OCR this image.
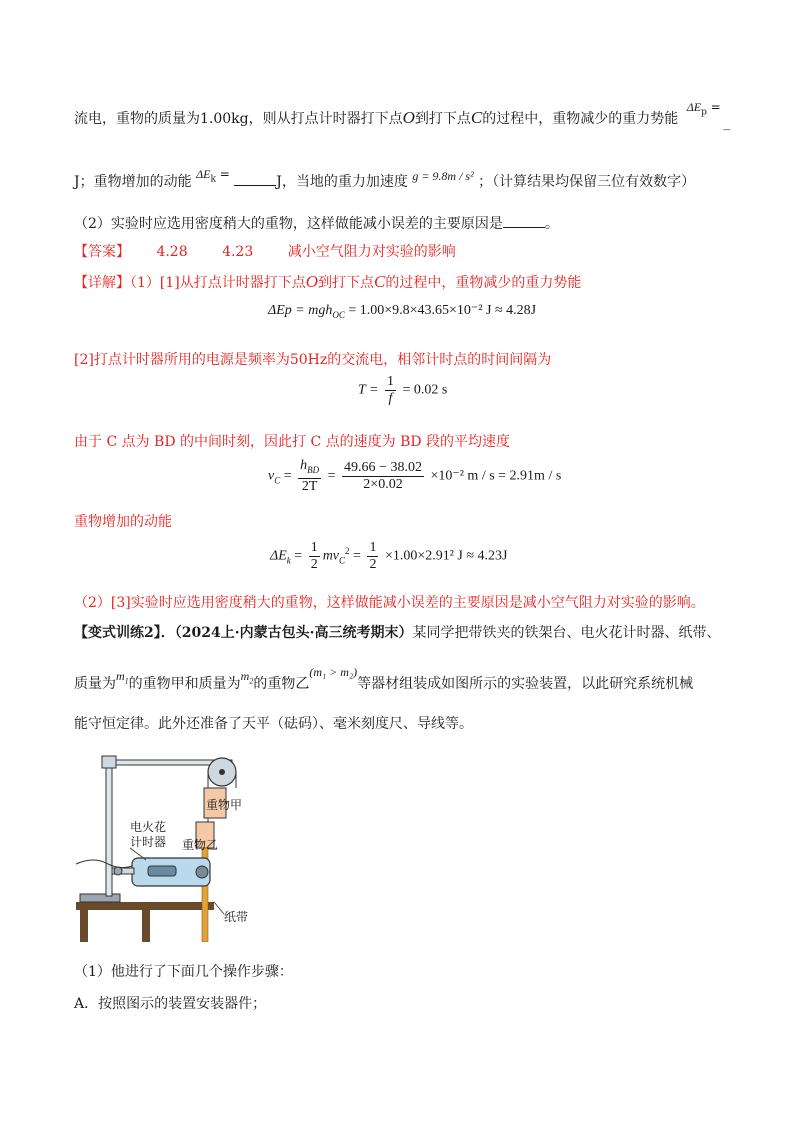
流电，重物的质量为1.00kg，则从打点计时器打下点O到打下点C的过程中，重物减少的重力势能 $\Delta E_p$ = _
J；重物增加的动能 $\Delta E_k$ =	J，当地的重力加速度 g = 9.8m / s² ；（计算结果均保留三位有效数字）
（2）实验时应选用密度稍大的重物，这样做能减小误差的主要原因是	。
【答案】 4.28 4.23 减小空气阻力对实验的影响
【详解】（1）[1]从打点计时器打下点O到打下点C的过程中，重物减少的重力势能
ΔEp = mgh$_{OC}$ = 1.00×9.8×43.65×10⁻² J ≈ 4.28J
[2]打点计时器所用的电源是频率为50Hz的交流电，相邻计时点的时间间隔为
$T = \frac{1}{f} = 0.02$ s
由于 C 点为 BD 的中间时刻，因此打 C 点的速度为 BD 段的平均速度
$v_C = \frac{h_{BD}}{2T} = \frac{49.66 - 38.02}{2\times 0.02} \times 10^{-2}$ m / s = 2.91m / s
重物增加的动能
$\Delta E_k = \frac{1}{2} mv_C^2 = \frac{1}{2} \times 1.00\times 2.91^2$ J ≈ 4.23J
（2）[3]实验时应选用密度稍大的重物，这样做能减小误差的主要原因是减小空气阻力对实验的影响。
【变式训练2】．（2024上·内蒙古包头·高三统考期末）某同学把带铁夹的铁架台、电火花计时器、纸带、
质量为$m_1$的重物甲和质量为$m_2$的重物乙(m₁ > m₂)等器材组装成如图所示的实验装置，以此研究系统机械
能守恒定律。此外还准备了天平（砝码）、毫米刻度尺、导线等。
重物甲
电火花
计时器 重物乙
纸带
（1）他进行了下面几个操作步骤：
A．按照图示的装置安装器件；
